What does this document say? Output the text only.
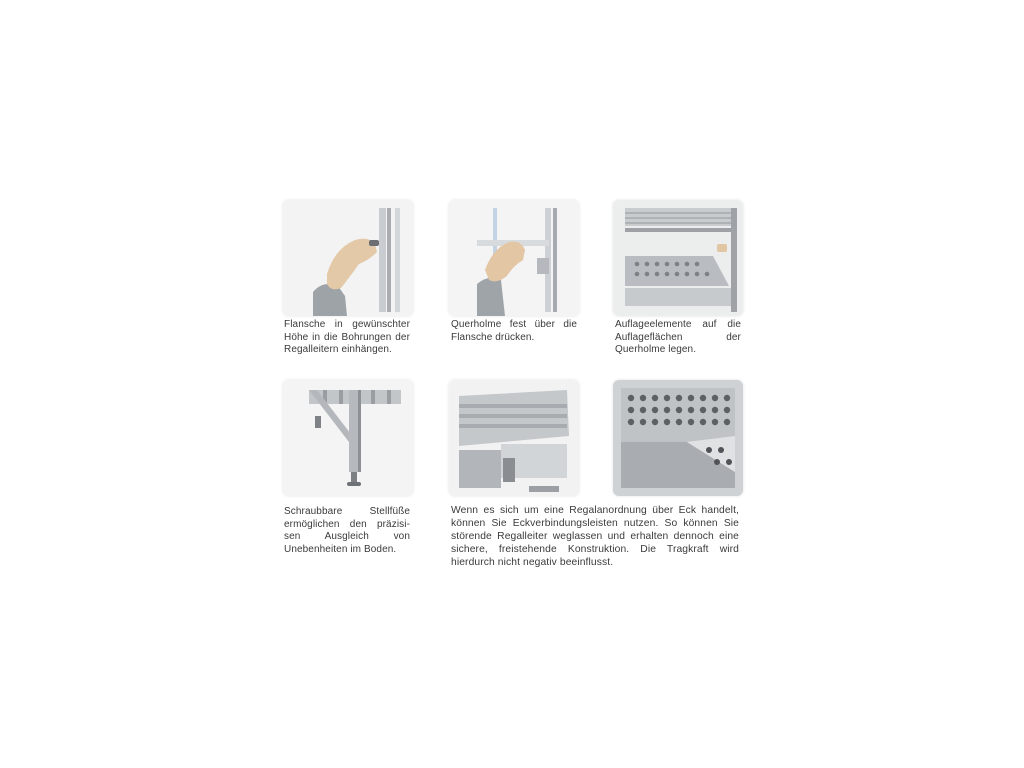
Flansche in gewünschter Höhe in die Bohrungen der Regalleitern einhängen.
Querholme fest über die Flansche drücken.
Auflageelemente auf die Auflageflächen der Querholme legen.
Schraubbare Stellfüße ermöglichen den präzisi-sen Ausgleich von Unebenheiten im Boden.
Wenn es sich um eine Regalanordnung über Eck handelt, können Sie Eckverbindungsleisten nutzen. So können Sie störende Regalleiter weglassen und erhalten dennoch eine sichere, freistehende Konstruktion. Die Tragkraft wird hierdurch nicht negativ beeinflusst.
